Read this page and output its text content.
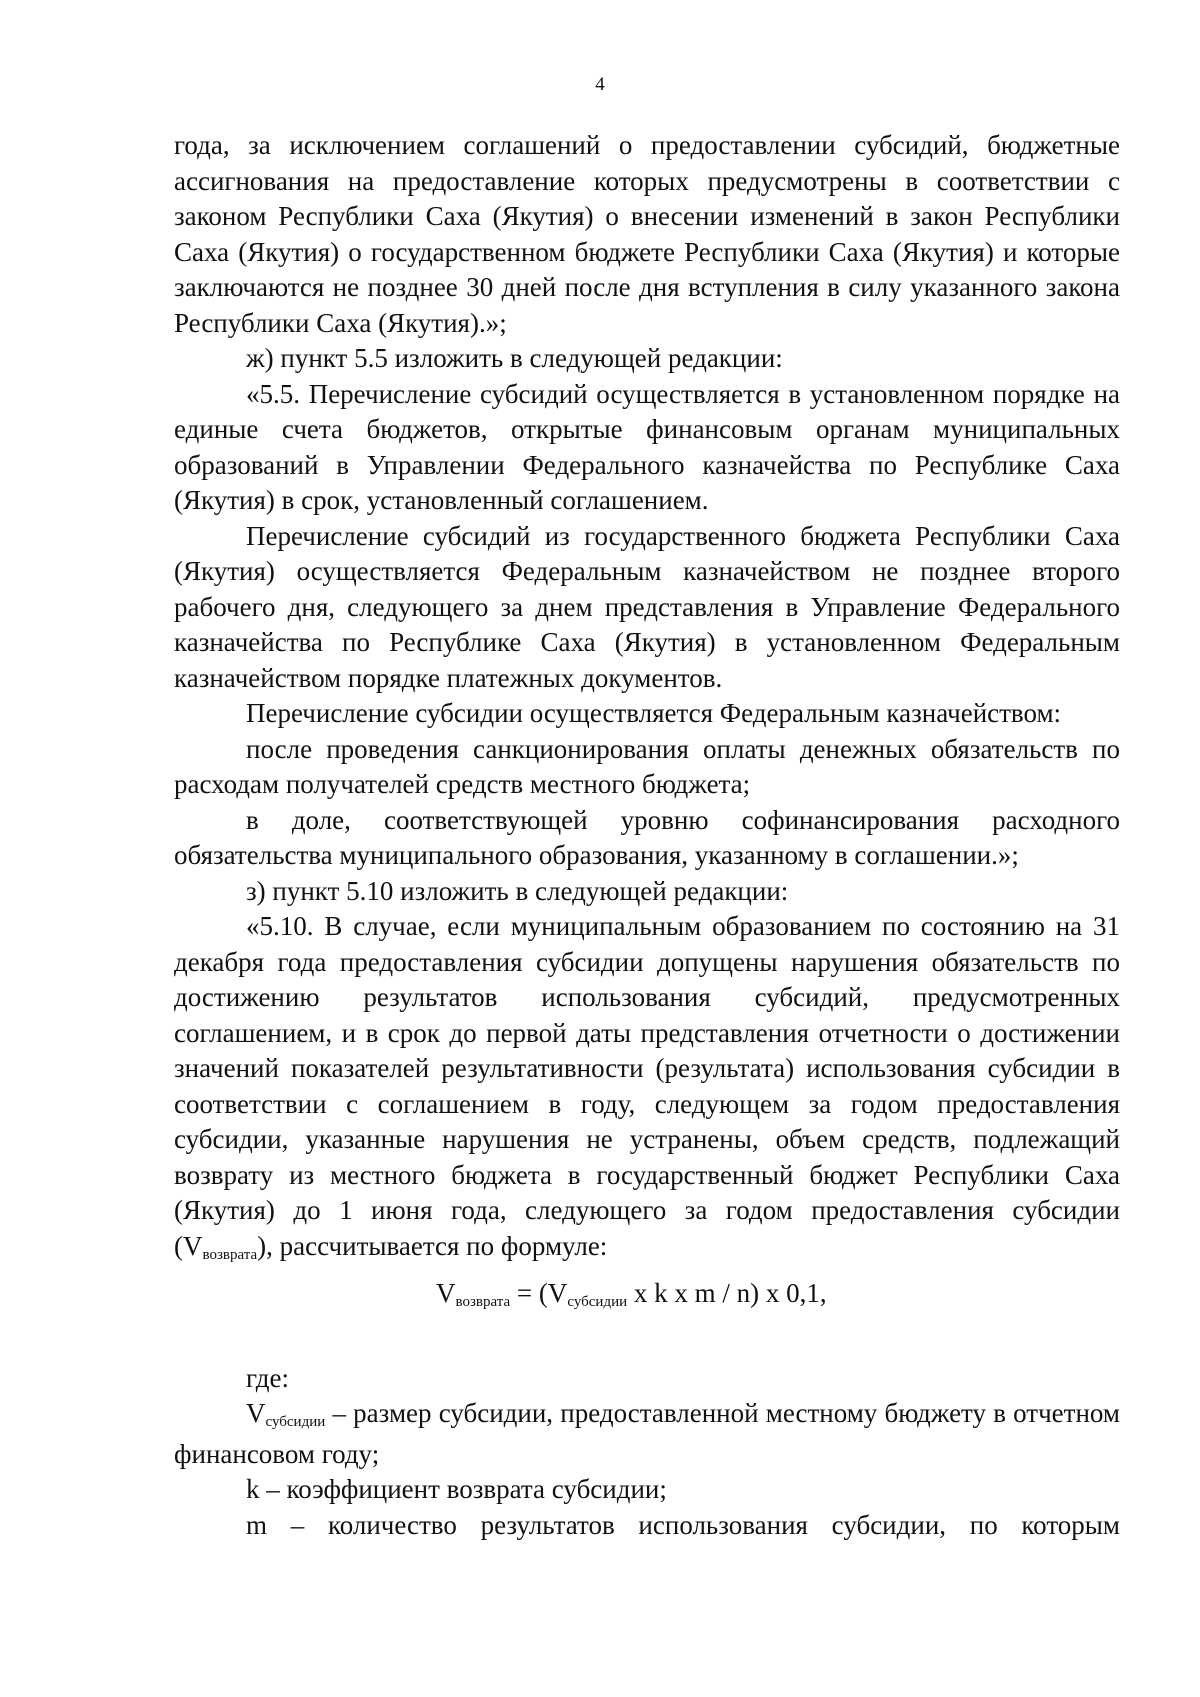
4

года, за исключением соглашений о предоставлении субсидий, бюджетные ассигнования на предоставление которых предусмотрены в соответствии с законом Республики Саха (Якутия) о внесении изменений в закон Республики Саха (Якутия) о государственном бюджете Республики Саха (Якутия) и которые заключаются не позднее 30 дней после дня вступления в силу указанного закона Республики Саха (Якутия).»;

ж) пункт 5.5 изложить в следующей редакции:

«5.5. Перечисление субсидий осуществляется в установленном порядке на единые счета бюджетов, открытые финансовым органам муниципальных образований в Управлении Федерального казначейства по Республике Саха (Якутия) в срок, установленный соглашением.

Перечисление субсидий из государственного бюджета Республики Саха (Якутия) осуществляется Федеральным казначейством не позднее второго рабочего дня, следующего за днем представления в Управление Федерального казначейства по Республике Саха (Якутия) в установленном Федеральным казначейством порядке платежных документов.

Перечисление субсидии осуществляется Федеральным казначейством:

после проведения санкционирования оплаты денежных обязательств по расходам получателей средств местного бюджета;

в доле, соответствующей уровню софинансирования расходного обязательства муниципального образования, указанному в соглашении.»;

з) пункт 5.10 изложить в следующей редакции:

«5.10. В случае, если муниципальным образованием по состоянию на 31 декабря года предоставления субсидии допущены нарушения обязательств по достижению результатов использования субсидий, предусмотренных соглашением, и в срок до первой даты представления отчетности о достижении значений показателей результативности (результата) использования субсидии в соответствии с соглашением в году, следующем за годом предоставления субсидии, указанные нарушения не устранены, объем средств, подлежащий возврату из местного бюджета в государственный бюджет Республики Саха (Якутия) до 1 июня года, следующего за годом предоставления субсидии $(V_{возврата})$, рассчитывается по формуле:

$V_{возврата} = (V_{субсидии}$ x k x m / n) x 0,1,

где:

$V_{субсидии}$ – размер субсидии, предоставленной местному бюджету в отчетном финансовом году;

k – коэффициент возврата субсидии;

m – количество результатов использования субсидии, по которым
